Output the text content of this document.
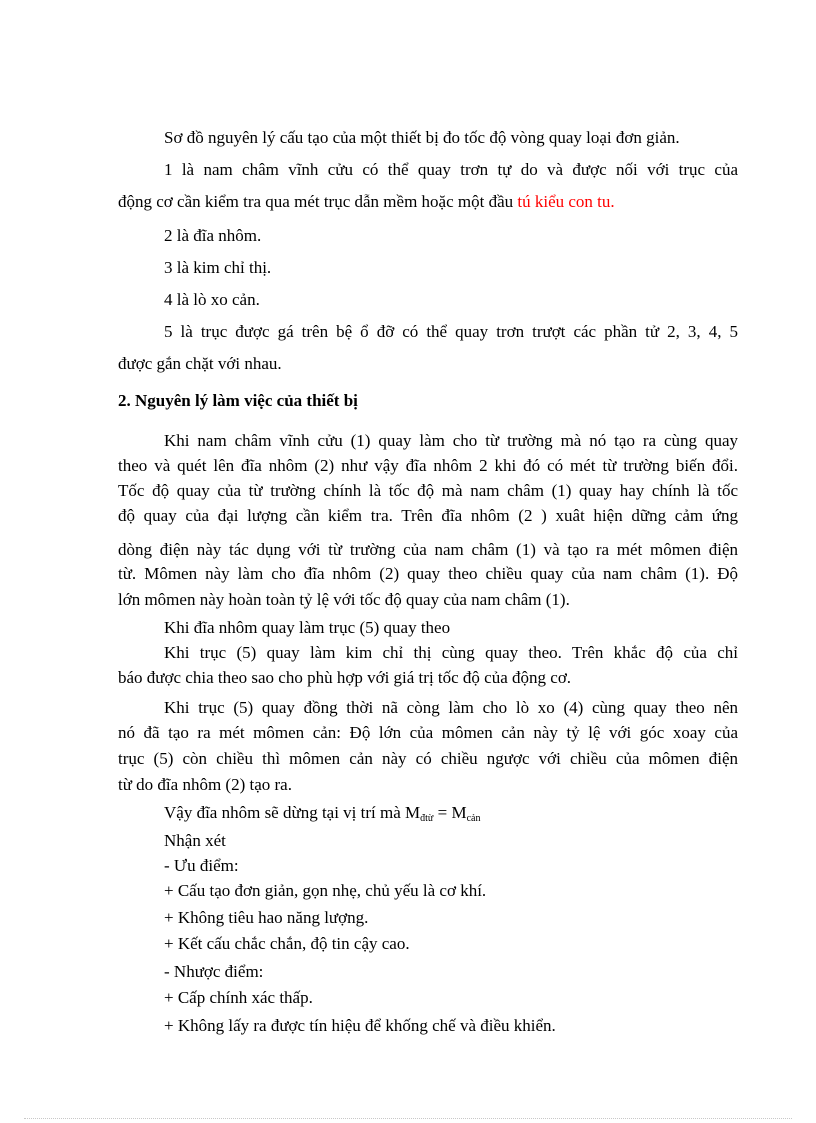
Sơ đồ nguyên lý cấu tạo của một thiết bị đo tốc độ vòng quay loại đơn giản.
1 là nam châm vĩnh cửu có thể quay trơn tự do và được nối với trục của
động cơ cần kiểm tra qua mét trục dẫn mềm hoặc một đầu tú kiểu con tu.
2 là đĩa nhôm.
3 là kim chỉ thị.
4 là lò xo cản.
5 là trục được gá trên bệ ổ đỡ có thể quay trơn trượt các phần tử 2, 3, 4, 5
được gắn chặt với nhau.
2. Nguyên lý làm việc của thiết bị
Khi nam châm vĩnh cửu (1) quay làm cho từ trường mà nó tạo ra cùng quay
theo và quét lên đĩa nhôm (2) như vậy đĩa nhôm 2 khi đó có mét từ trường biến đổi.
Tốc độ quay của từ trường chính là tốc độ mà nam châm (1) quay hay chính là tốc
độ quay của đại lượng cần kiểm tra. Trên đĩa nhôm (2 ) xuât hiện dững cảm ứng
dòng điện này tác dụng với từ trường của nam châm (1) và tạo ra mét mômen điện
từ. Mômen này làm cho đĩa nhôm (2) quay theo chiều quay của nam châm (1). Độ
lớn mômen này hoàn toàn tỷ lệ với tốc độ quay của nam châm (1).
Khi đĩa nhôm quay làm trục (5) quay theo
Khi trục (5) quay làm kim chỉ thị cùng quay theo. Trên khắc độ của chỉ
báo được chia theo sao cho phù hợp với giá trị tốc độ của động cơ.
Khi trục (5) quay đồng thời nã còng làm cho lò xo (4) cùng quay theo nên
nó đã tạo ra mét mômen cản: Độ lớn của mômen cản này tỷ lệ với góc xoay của
trục (5) còn chiều thì mômen cản này có chiều ngược với chiều của mômen điện
từ do đĩa nhôm (2) tạo ra.
Vậy đĩa nhôm sẽ dừng tại vị trí mà $M_{đtừ} = M_{cản}$
Nhận xét
- Ưu điểm:
+ Cấu tạo đơn giản, gọn nhẹ, chủ yếu là cơ khí.
+ Không tiêu hao năng lượng.
+ Kết cấu chắc chắn, độ tin cậy cao.
- Nhược điểm:
+ Cấp chính xác thấp.
+ Không lấy ra được tín hiệu để khống chế và điều khiển.
